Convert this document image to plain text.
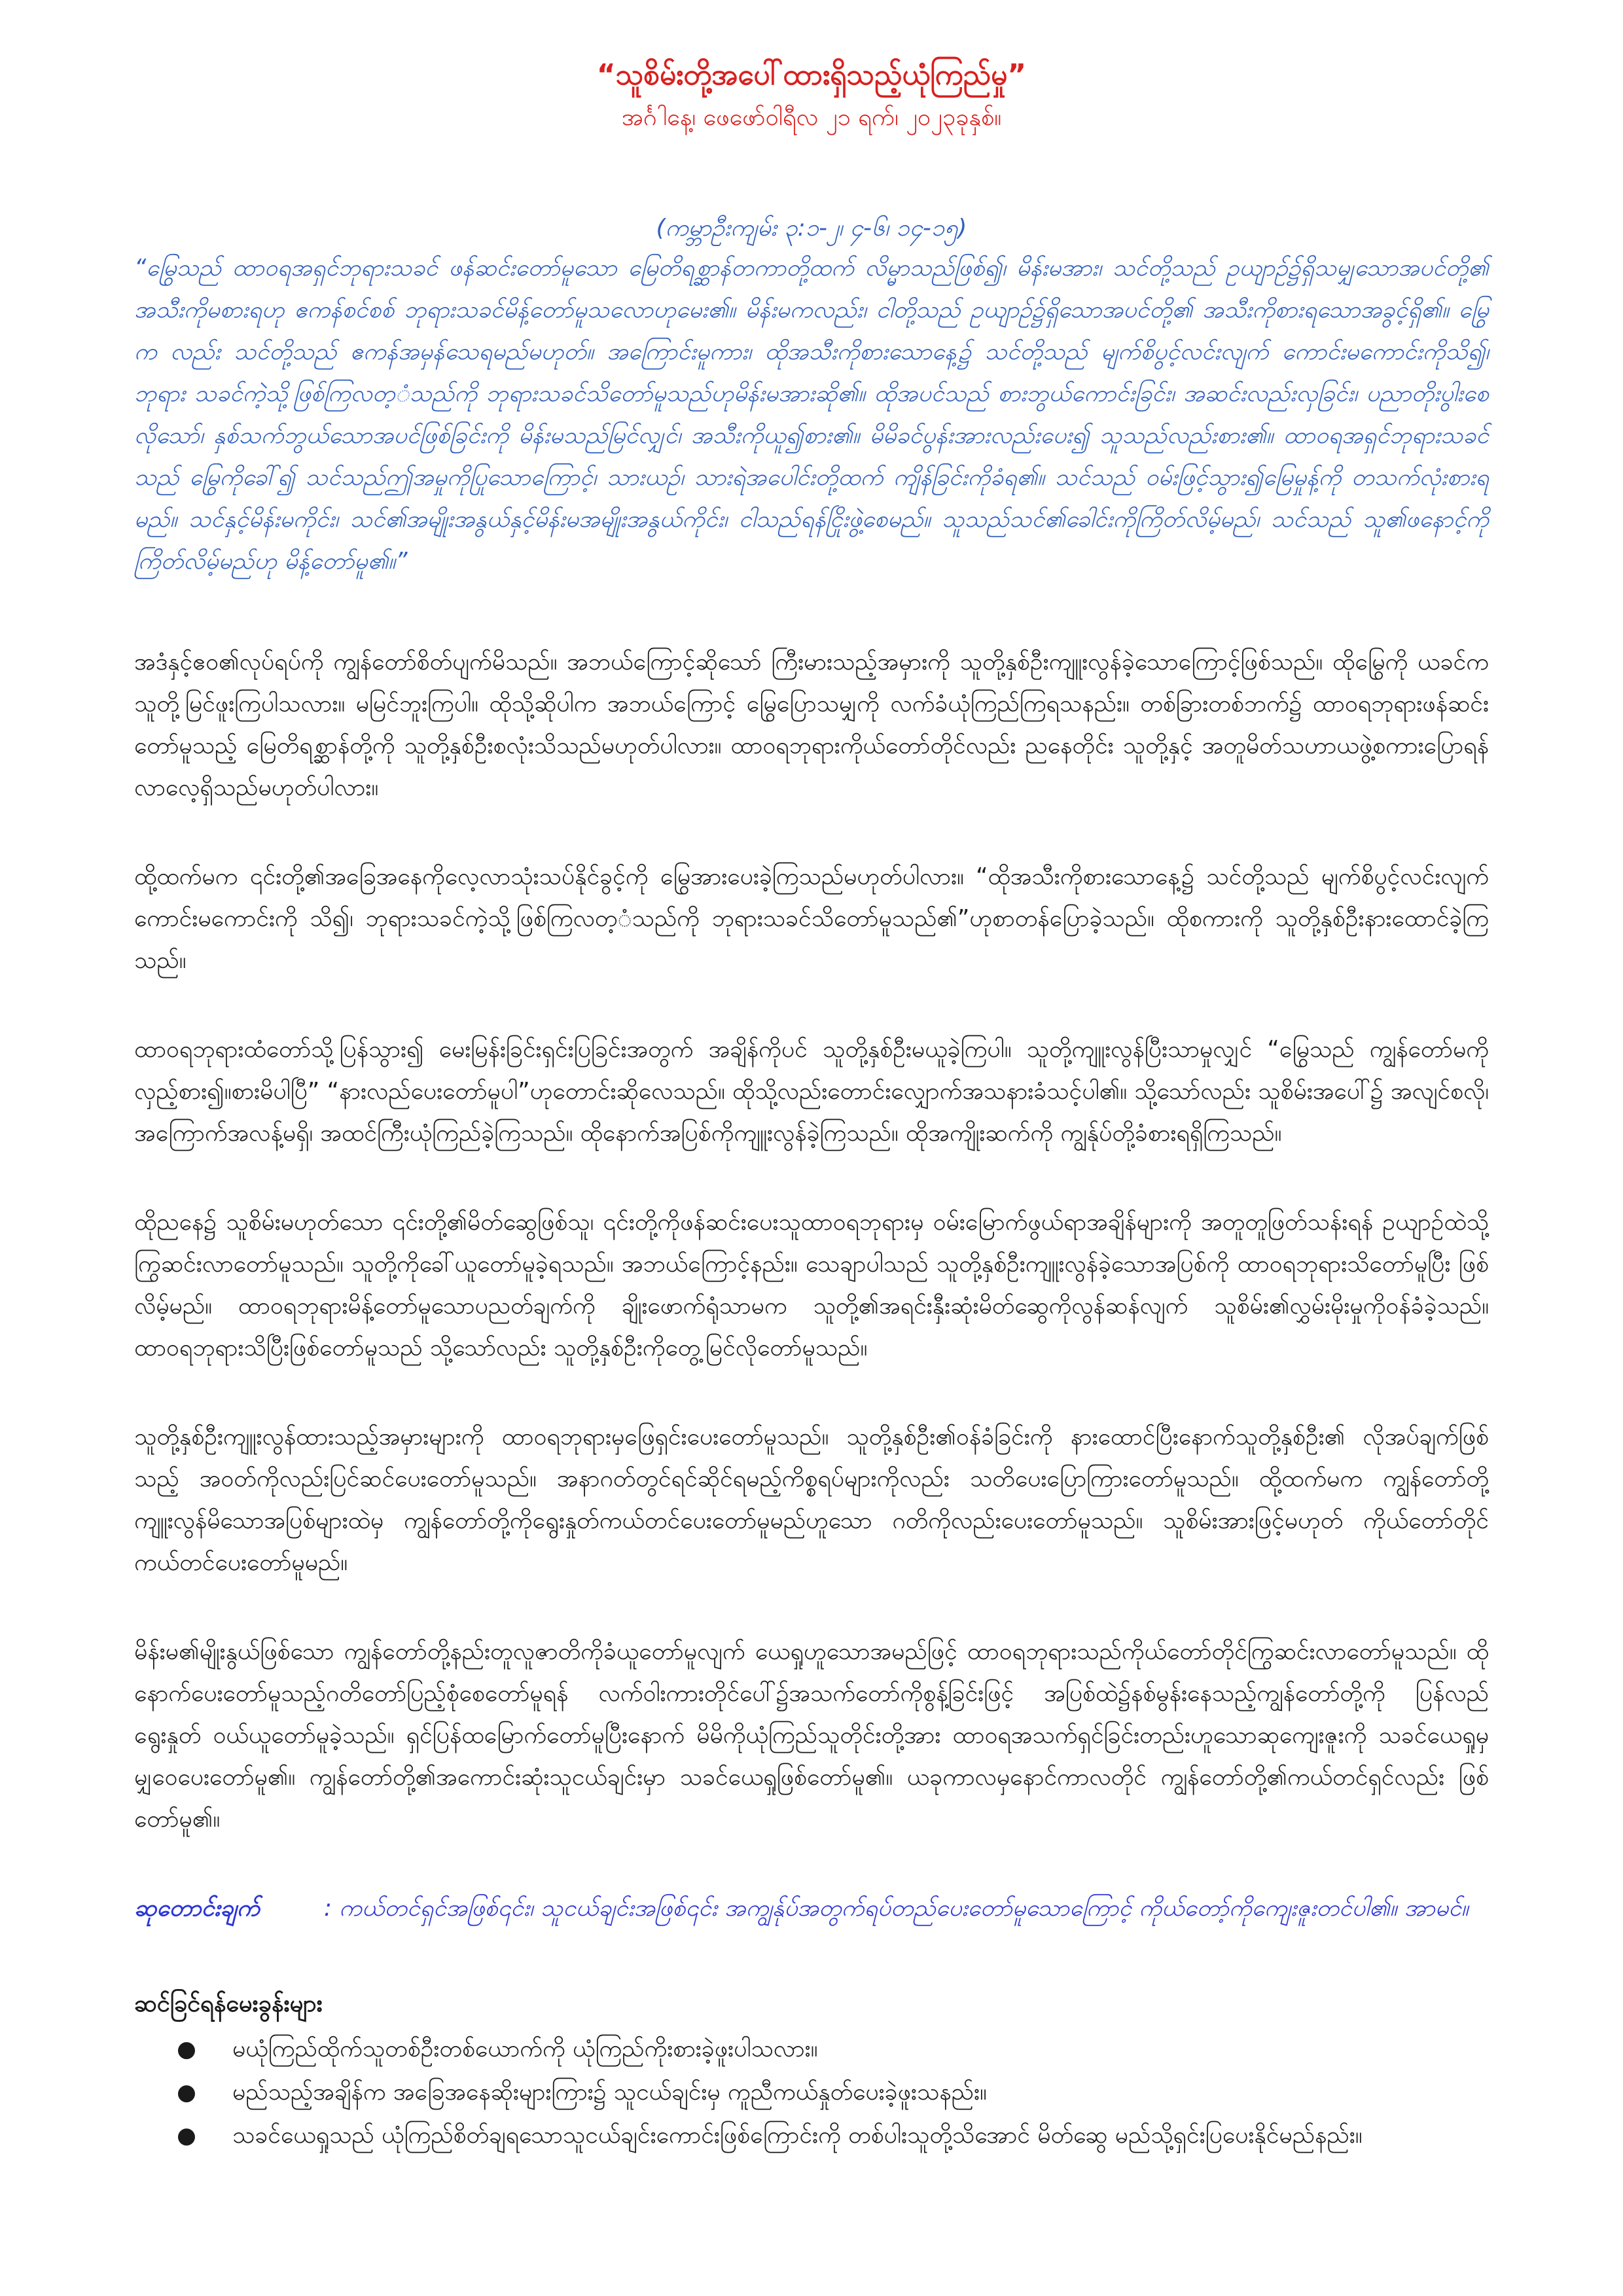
“သူစိမ်းတို့အပေါ်ထားရှိသည့်ယုံကြည်မှု”

အင်္ဂါနေ့၊ ဖေဖော်ဝါရီလ ၂၁ ရက်၊ ၂၀၂၃ခုနှစ်။

(ကမ္ဘာဦးကျမ်း ၃:၁-၂၊ ၄-၆၊ ၁၄-၁၅)

“မြွေသည် ထာဝရအရှင်ဘုရားသခင် ဖန်ဆင်းတော်မူသော မြေတိရစ္ဆာန်တကာတို့ထက် လိမ္မာသည်ဖြစ်၍၊ မိန်းမအား၊ သင်တို့သည် ဥယျာဉ်၌ရှိသမျှသောအပင်တို့၏ အသီးကိုမစားရဟု ဧကန်စင်စစ် ဘုရားသခင်မိန့်တော်မူသလောဟုမေး၏။ မိန်းမကလည်း၊ ငါတို့သည် ဥယျာဉ်၌ရှိသောအပင်တို့၏ အသီးကိုစားရသောအခွင့်ရှိ၏။ မြွေက လည်း သင်တို့သည် ဧကန်အမှန်သေရမည်မဟုတ်။ အကြောင်းမူကား၊ ထိုအသီးကိုစားသောနေ့၌ သင်တို့သည် မျက်စိပွင့်လင်းလျက် ကောင်းမကောင်းကိုသိ၍၊ ဘုရား သခင်ကဲ့သို့ဖြစ်ကြလတ့ံသည်ကို ဘုရားသခင်သိတော်မူသည်ဟုမိန်းမအားဆို၏။ ထိုအပင်သည် စားဘွယ်ကောင်းခြင်း၊ အဆင်းလည်းလှခြင်း၊ ပညာတိုးပွါးစေလိုသော်၊ နှစ်သက်ဘွယ်သောအပင်ဖြစ်ခြင်းကို မိန်းမသည်မြင်လျှင်၊ အသီးကိုယူ၍စား၏။ မိမိခင်ပွန်းအားလည်းပေး၍ သူသည်လည်းစား၏။ ထာဝရအရှင်ဘုရားသခင်သည် မြွေကိုခေါ်၍ သင်သည်ဤအမှုကိုပြုသောကြောင့်၊ သားယဉ်၊ သားရဲအပေါင်းတို့ထက် ကျိန်ခြင်းကိုခံရ၏။ သင်သည် ဝမ်းဖြင့်သွား၍မြေမှုန့်ကို တသက်လုံးစားရမည်။ သင်နှင့်မိန်းမကိုင်း၊ သင်၏အမျိုးအနွယ်နှင့်မိန်းမအမျိုးအနွယ်ကိုင်း၊ ငါသည်ရန်ငြိုးဖွဲ့စေမည်။ သူသည်သင်၏ခေါင်းကိုကြိတ်လိမ့်မည်၊ သင်သည် သူ၏ဖနောင့်ကို ကြိတ်လိမ့်မည်ဟု မိန့်တော်မူ၏။”

အဒံနှင့်ဧဝ၏လုပ်ရပ်ကို ကျွန်တော်စိတ်ပျက်မိသည်။ အဘယ်ကြောင့်ဆိုသော် ကြီးမားသည့်အမှားကို သူတို့နှစ်ဦးကျူးလွန်ခဲ့သောကြောင့်ဖြစ်သည်။ ထိုမြွေကို ယခင်က သူတို့မြင်ဖူးကြပါသလား။ မမြင်ဘူးကြပါ။ ထိုသို့ဆိုပါက အဘယ်ကြောင့် မြွေပြောသမျှကို လက်ခံယုံကြည်ကြရသနည်း။ တစ်ခြားတစ်ဘက်၌ ထာဝရဘုရားဖန်ဆင်း တော်မူသည့် မြေတိရစ္ဆာန်တို့ကို သူတို့နှစ်ဦးစလုံးသိသည်မဟုတ်ပါလား။ ထာဝရဘုရားကိုယ်တော်တိုင်လည်း ညနေတိုင်း သူတို့နှင့် အတူမိတ်သဟာယဖွဲ့စကားပြောရန် လာလေ့ရှိသည်မဟုတ်ပါလား။

ထို့ထက်မက ၎င်းတို့၏အခြေအနေကိုလေ့လာသုံးသပ်နိုင်ခွင့်ကို မြွေအားပေးခဲ့ကြသည်မဟုတ်ပါလား။ “ထိုအသီးကိုစားသောနေ့၌ သင်တို့သည် မျက်စိပွင့်လင်းလျက် ကောင်းမကောင်းကို သိ၍၊ ဘုရားသခင်ကဲ့သို့ဖြစ်ကြလတ့ံသည်ကို ဘုရားသခင်သိတော်မူသည်၏”ဟုစာတန်ပြောခဲ့သည်။ ထိုစကားကို သူတို့နှစ်ဦးနားထောင်ခဲ့ကြသည်။

ထာဝရဘုရားထံတော်သို့ပြန်သွား၍ မေးမြန်းခြင်းရှင်းပြခြင်းအတွက် အချိန်ကိုပင် သူတို့နှစ်ဦးမယူခဲ့ကြပါ။ သူတို့ကျူးလွန်ပြီးသာမှုလျှင် “မြွေသည် ကျွန်တော်မကို လှည့်စား၍။စားမိပါပြီ” “နားလည်ပေးတော်မူပါ”ဟုတောင်းဆိုလေသည်။ ထိုသို့လည်းတောင်းလျှောက်အသနားခံသင့်ပါ၏။ သို့သော်လည်း သူစိမ်းအပေါ်၌ အလျင်စလို၊ အကြောက်အလန့်မရှိ၊ အထင်ကြီးယုံကြည်ခဲ့ကြသည်။ ထိုနောက်အပြစ်ကိုကျူးလွန်ခဲ့ကြသည်။ ထိုအကျိုးဆက်ကို ကျွန်ုပ်တို့ခံစားရရှိကြသည်။

ထိုညနေ၌ သူစိမ်းမဟုတ်သော ၎င်းတို့၏မိတ်ဆွေဖြစ်သူ၊ ၎င်းတို့ကိုဖန်ဆင်းပေးသူထာဝရဘုရားမှ ဝမ်းမြောက်ဖွယ်ရာအချိန်များကို အတူတူဖြတ်သန်းရန် ဥယျာဉ်ထဲသို့ ကြွဆင်းလာတော်မူသည်။ သူတို့ကိုခေါ်ယူတော်မူခဲ့ရသည်။ အဘယ်ကြောင့်နည်း။ သေချာပါသည် သူတို့နှစ်ဦးကျူးလွန်ခဲ့သောအပြစ်ကို ထာဝရဘုရားသိတော်မူပြီး ဖြစ်လိမ့်မည်။ ထာဝရဘုရားမိန့်တော်မူသောပညတ်ချက်ကို ချိုးဖောက်ရုံသာမက သူတို့၏အရင်းနှီးဆုံးမိတ်ဆွေကိုလွန်ဆန်လျက် သူစိမ်း၏လွှမ်းမိုးမှုကိုဝန်ခံခဲ့သည်။ ထာဝရဘုရားသိပြီးဖြစ်တော်မူသည် သို့သော်လည်း သူတို့နှစ်ဦးကိုတွေ့မြင်လိုတော်မူသည်။

သူတို့နှစ်ဦးကျူးလွန်ထားသည့်အမှားများကို ထာဝရဘုရားမှဖြေရှင်းပေးတော်မူသည်။ သူတို့နှစ်ဦး၏ဝန်ခံခြင်းကို နားထောင်ပြီးနောက်သူတို့နှစ်ဦး၏ လိုအပ်ချက်ဖြစ် သည့် အဝတ်ကိုလည်းပြင်ဆင်ပေးတော်မူသည်။ အနာဂတ်တွင်ရင်ဆိုင်ရမည့်ကိစ္စရပ်များကိုလည်း သတိပေးပြောကြားတော်မူသည်။ ထို့ထက်မက ကျွန်တော်တို့ ကျူးလွန်မိသောအပြစ်များထဲမှ ကျွန်တော်တို့ကိုရွေးနှုတ်ကယ်တင်ပေးတော်မူမည်ဟူသော ဂတိကိုလည်းပေးတော်မူသည်။ သူစိမ်းအားဖြင့်မဟုတ် ကိုယ်တော်တိုင် ကယ်တင်ပေးတော်မူမည်။

မိန်းမ၏မျိုးနွယ်ဖြစ်သော ကျွန်တော်တို့နည်းတူလူဇာတိကိုခံယူတော်မူလျက် ယေရှုဟူသောအမည်ဖြင့် ထာဝရဘုရားသည်ကိုယ်တော်တိုင်ကြွဆင်းလာတော်မူသည်။ ထိုနောက်ပေးတော်မူသည့်ဂတိတော်ပြည့်စုံစေတော်မူရန် လက်ဝါးကားတိုင်ပေါ်၌အသက်တော်ကိုစွန့်ခြင်းဖြင့် အပြစ်ထဲ၌နစ်မွန်းနေသည့်ကျွန်တော်တို့ကို ပြန်လည် ရွေးနှုတ် ဝယ်ယူတော်မူခဲ့သည်။ ရှင်ပြန်ထမြောက်တော်မူပြီးနောက် မိမိကိုယုံကြည်သူတိုင်းတို့အား ထာဝရအသက်ရှင်ခြင်းတည်းဟူသောဆုကျေးဇူးကို သခင်ယေရှုမှ မျှဝေပေးတော်မူ၏။ ကျွန်တော်တို့၏အကောင်းဆုံးသူငယ်ချင်းမှာ သခင်ယေရှုဖြစ်တော်မူ၏။ ယခုကာလမှနောင်ကာလတိုင် ကျွန်တော်တို့၏ကယ်တင်ရှင်လည်း ဖြစ်တော်မူ၏။

ဆုတောင်းချက်	: ကယ်တင်ရှင်အဖြစ်၎င်း၊ သူငယ်ချင်းအဖြစ်၎င်း အကျွန်ုပ်အတွက်ရပ်တည်ပေးတော်မူသောကြောင့် ကိုယ်တော့်ကိုကျေးဇူးတင်ပါ၏။ အာမင်။
ဆင်ခြင်ရန်မေးခွန်းများ
●	မယုံကြည်ထိုက်သူတစ်ဦးတစ်ယောက်ကို ယုံကြည်ကိုးစားခဲ့ဖူးပါသလား။
●	မည်သည့်အချိန်က အခြေအနေဆိုးများကြား၌ သူငယ်ချင်းမှ ကူညီကယ်နှုတ်ပေးခဲ့ဖူးသနည်း။
●	သခင်ယေရှုသည် ယုံကြည်စိတ်ချရသောသူငယ်ချင်းကောင်းဖြစ်ကြောင်းကို တစ်ပါးသူတို့သိအောင် မိတ်ဆွေ မည်သို့ရှင်းပြပေးနိုင်မည်နည်း။
